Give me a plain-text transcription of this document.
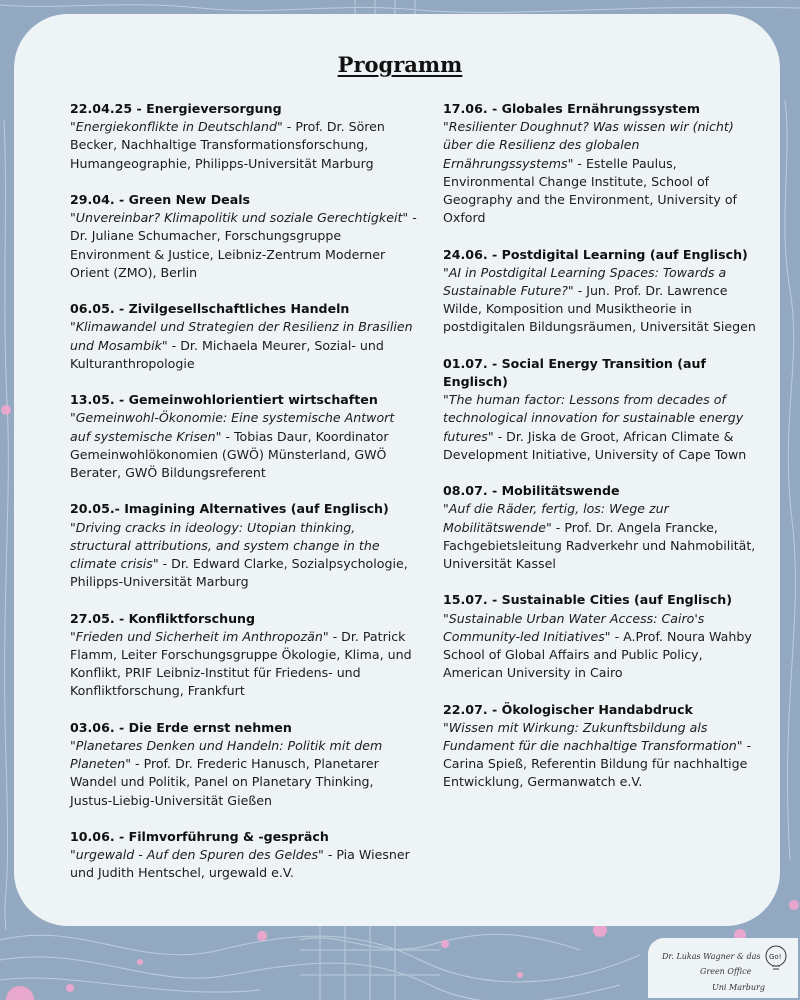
Programm
22.04.25 - Energieversorgung
"Energiekonflikte in Deutschland" - Prof. Dr. Sören Becker, Nachhaltige Transformationsforschung, Humangeographie, Philipps-Universität Marburg
29.04. - Green New Deals
"Unvereinbar? Klimapolitik und soziale Gerechtigkeit" - Dr. Juliane Schumacher, Forschungsgruppe Environment & Justice, Leibniz-Zentrum Moderner Orient (ZMO), Berlin
06.05. - Zivilgesellschaftliches Handeln
"Klimawandel und Strategien der Resilienz in Brasilien und Mosambik" - Dr. Michaela Meurer, Sozial- und Kulturanthropologie
13.05. - Gemeinwohlorientiert wirtschaften
"Gemeinwohl-Ökonomie: Eine systemische Antwort auf systemische Krisen" - Tobias Daur, Koordinator Gemeinwohlökonomien (GWÖ) Münsterland, GWÖ Berater, GWÖ Bildungsreferent
20.05.- Imagining Alternatives (auf Englisch)
"Driving cracks in ideology: Utopian thinking, structural attributions, and system change in the climate crisis" - Dr. Edward Clarke, Sozialpsychologie, Philipps-Universität Marburg
27.05. - Konfliktforschung
"Frieden und Sicherheit im Anthropozän" - Dr. Patrick Flamm, Leiter Forschungsgruppe Ökologie, Klima, und Konflikt, PRIF Leibniz-Institut für Friedens- und Konfliktforschung, Frankfurt
03.06. - Die Erde ernst nehmen
"Planetares Denken und Handeln: Politik mit dem Planeten" - Prof. Dr. Frederic Hanusch, Planetarer Wandel und Politik, Panel on Planetary Thinking, Justus-Liebig-Universität Gießen
10.06. - Filmvorführung & -gespräch
"urgewald - Auf den Spuren des Geldes" - Pia Wiesner und Judith Hentschel, urgewald e.V.
17.06. - Globales Ernährungssystem
"Resilienter Doughnut? Was wissen wir (nicht) über die Resilienz des globalen Ernährungssystems" - Estelle Paulus, Environmental Change Institute, School of Geography and the Environment, University of Oxford
24.06. - Postdigital Learning (auf Englisch)
"AI in Postdigital Learning Spaces: Towards a Sustainable Future?" - Jun. Prof. Dr. Lawrence Wilde, Komposition und Musiktheorie in postdigitalen Bildungsräumen, Universität Siegen
01.07. - Social Energy Transition (auf Englisch)
"The human factor: Lessons from decades of technological innovation for sustainable energy futures" - Dr. Jiska de Groot, African Climate & Development Initiative, University of Cape Town
08.07. - Mobilitätswende
"Auf die Räder, fertig, los: Wege zur Mobilitätswende" - Prof. Dr. Angela Francke, Fachgebietsleitung Radverkehr und Nahmobilität, Universität Kassel
15.07. - Sustainable Cities (auf Englisch)
"Sustainable Urban Water Access: Cairo's Community-led Initiatives" - A.Prof. Noura Wahby School of Global Affairs and Public Policy, American University in Cairo
22.07. - Ökologischer Handabdruck
"Wissen mit Wirkung: Zukunftsbildung als Fundament für die nachhaltige Transformation" - Carina Spieß, Referentin Bildung für nachhaltige Entwicklung, Germanwatch e.V.
Dr. Lukas Wagner & das
Green Office
Uni Marburg
Go!
